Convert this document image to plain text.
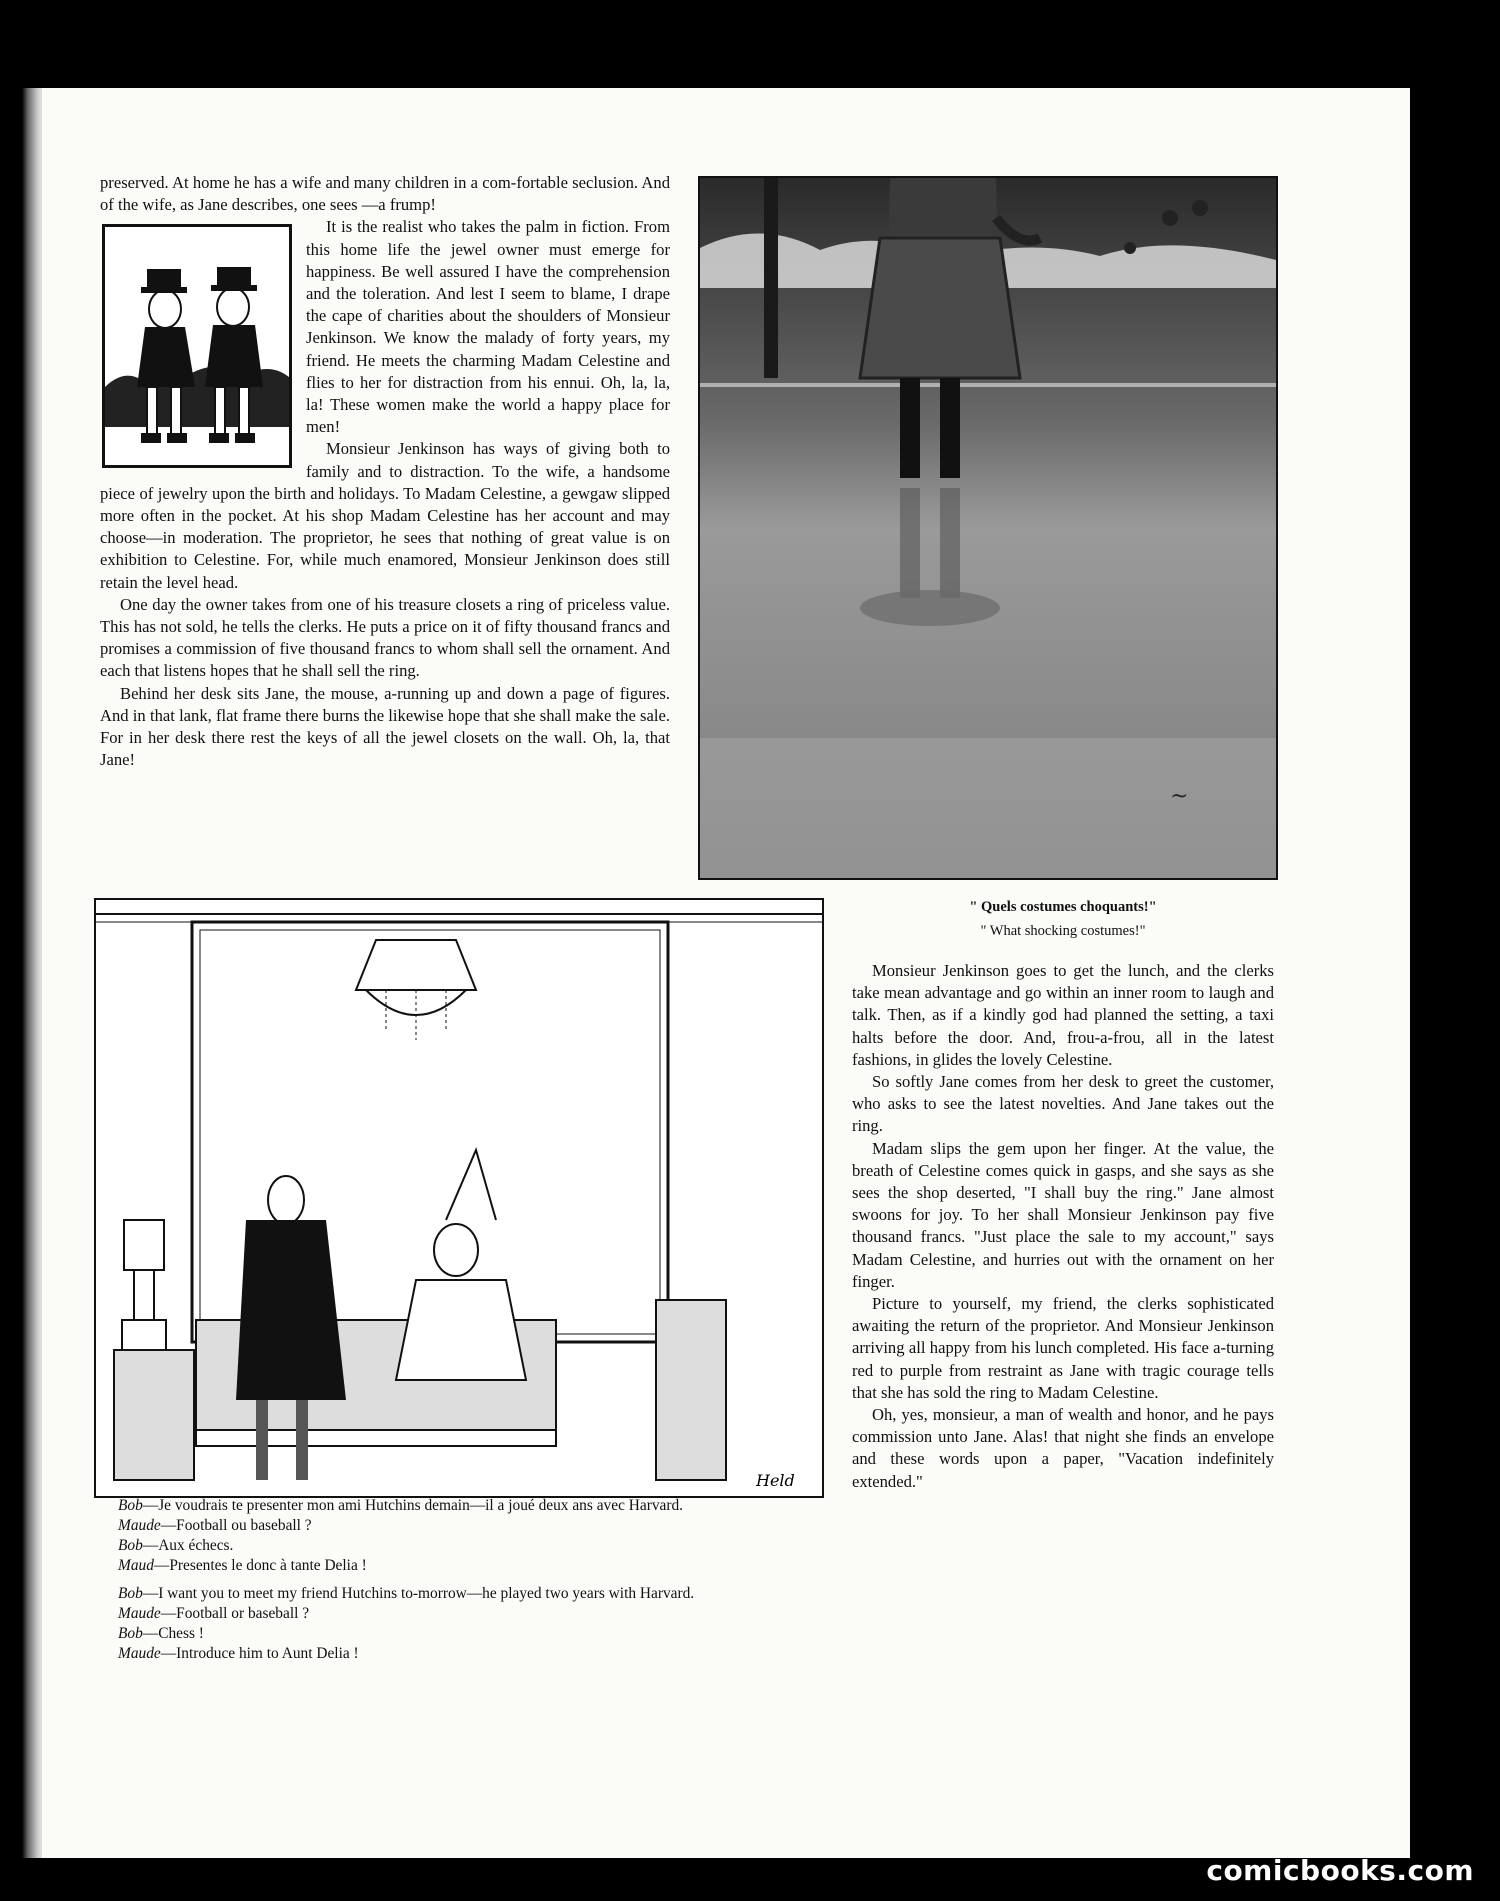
preserved. At home he has a wife and many children in a com-fortable seclusion. And of the wife, as Jane describes, one sees —a frump!

It is the realist who takes the palm in fiction. From this home life the jewel owner must emerge for happiness. Be well assured I have the comprehension and the toleration. And lest I seem to blame, I drape the cape of charities about the shoulders of Monsieur Jenkinson. We know the malady of forty years, my friend. He meets the charming Madam Celestine and flies to her for distraction from his ennui. Oh, la, la, la! These women make the world a happy place for men!

Monsieur Jenkinson has ways of giving both to family and to distraction. To the wife, a handsome piece of jewelry upon the birth and holidays. To Madam Celestine, a gewgaw slipped more often in the pocket. At his shop Madam Celestine has her account and may choose—in moderation. The proprietor, he sees that nothing of great value is on exhibition to Celestine. For, while much enamored, Monsieur Jenkinson does still retain the level head.

One day the owner takes from one of his treasure closets a ring of priceless value. This has not sold, he tells the clerks. He puts a price on it of fifty thousand francs and promises a commission of five thousand francs to whom shall sell the ornament. And each that listens hopes that he shall sell the ring.

Behind her desk sits Jane, the mouse, a-running up and down a page of figures. And in that lank, flat frame there burns the likewise hope that she shall make the sale. For in her desk there rest the keys of all the jewel closets on the wall. Oh, la, that Jane!

~
" Quels costumes choquants!"
" What shocking costumes!"
Held
Bob—Je voudrais te presenter mon ami Hutchins demain—il a joué deux ans avec Harvard.
Maude—Football ou baseball ?
Bob—Aux échecs.
Maud—Presentes le donc à tante Delia !
Bob—I want you to meet my friend Hutchins to-morrow—he played two years with Harvard.
Maude—Football or baseball ?
Bob—Chess !
Maude—Introduce him to Aunt Delia !

Monsieur Jenkinson goes to get the lunch, and the clerks take mean advantage and go within an inner room to laugh and talk. Then, as if a kindly god had planned the setting, a taxi halts before the door. And, frou-a-frou, all in the latest fashions, in glides the lovely Celestine.

So softly Jane comes from her desk to greet the customer, who asks to see the latest novelties. And Jane takes out the ring.

Madam slips the gem upon her finger. At the value, the breath of Celestine comes quick in gasps, and she says as she sees the shop deserted, "I shall buy the ring." Jane almost swoons for joy. To her shall Monsieur Jenkinson pay five thousand francs. "Just place the sale to my account," says Madam Celestine, and hurries out with the ornament on her finger.

Picture to yourself, my friend, the clerks sophisticated awaiting the return of the proprietor. And Monsieur Jenkinson arriving all happy from his lunch completed. His face a-turning red to purple from restraint as Jane with tragic courage tells that she has sold the ring to Madam Celestine.

Oh, yes, monsieur, a man of wealth and honor, and he pays commission unto Jane. Alas! that night she finds an envelope and these words upon a paper, "Vacation indefinitely extended."

comicbooks.com
